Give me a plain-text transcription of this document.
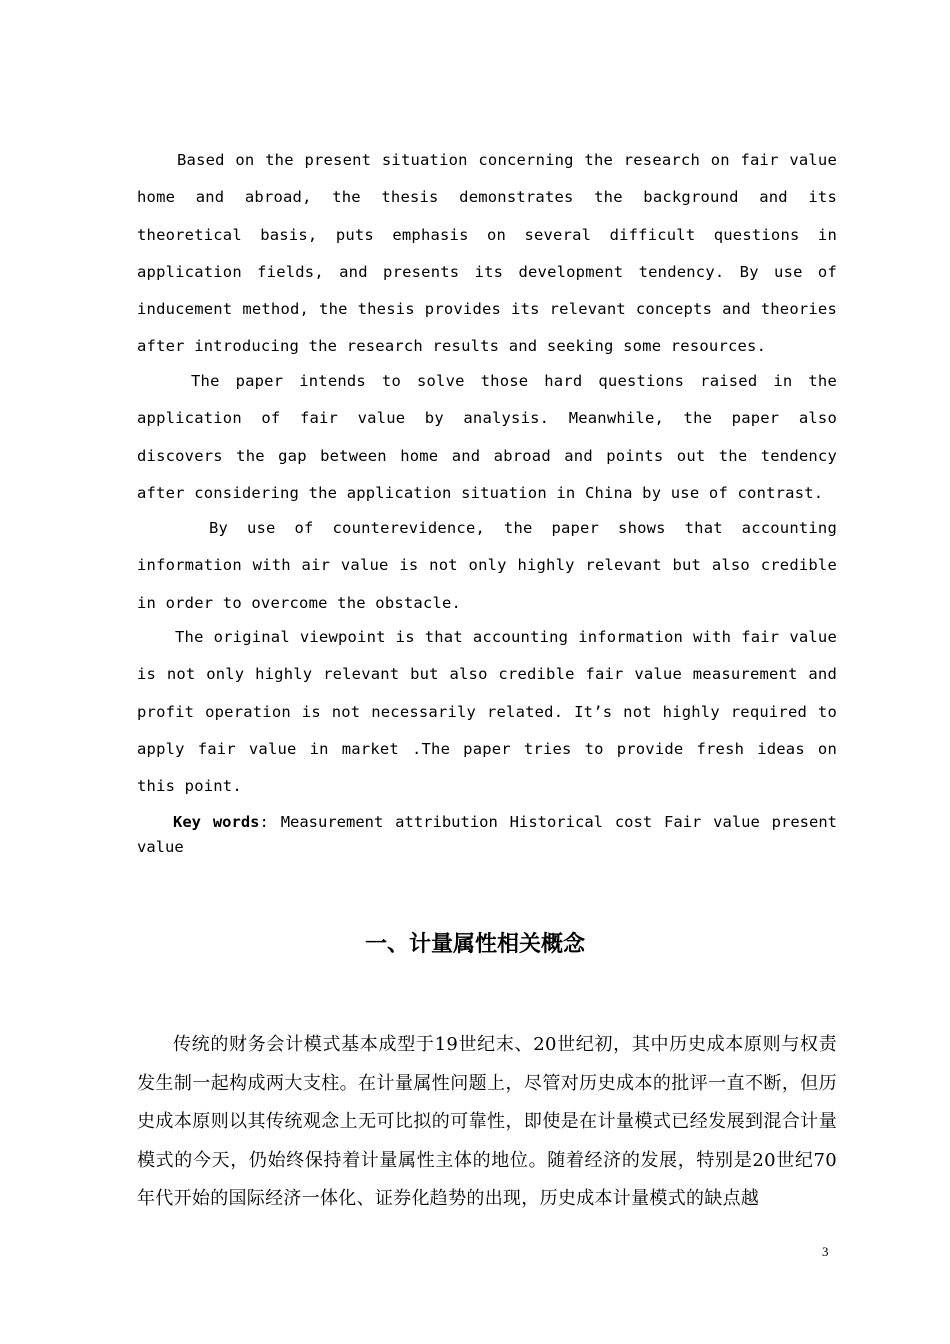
Based on the present situation concerning the research on fair value home and abroad, the thesis demonstrates the background and its theoretical basis, puts emphasis on several difficult questions in application fields, and presents its development tendency. By use of inducement method, the thesis provides its relevant concepts and theories after introducing the research results and seeking some resources.

The paper intends to solve those hard questions raised in the application of fair value by analysis. Meanwhile, the paper also discovers the gap between home and abroad and points out the tendency after considering the application situation in China by use of contrast.

By use of counterevidence, the paper shows that accounting information with air value is not only highly relevant but also credible in order to overcome the obstacle.

The original viewpoint is that accounting information with fair value is not only highly relevant but also credible fair value measurement and profit operation is not necessarily related. It’s not highly required to apply fair value in market .The paper tries to provide fresh ideas on this point.

Key words: Measurement attribution Historical cost Fair value present value

一、计量属性相关概念

传统的财务会计模式基本成型于19世纪末、20世纪初，其中历史成本原则与权责发生制一起构成两大支柱。在计量属性问题上，尽管对历史成本的批评一直不断，但历史成本原则以其传统观念上无可比拟的可靠性，即使是在计量模式已经发展到混合计量模式的今天，仍始终保持着计量属性主体的地位。随着经济的发展，特别是20世纪70年代开始的国际经济一体化、证券化趋势的出现，历史成本计量模式的缺点越

3
